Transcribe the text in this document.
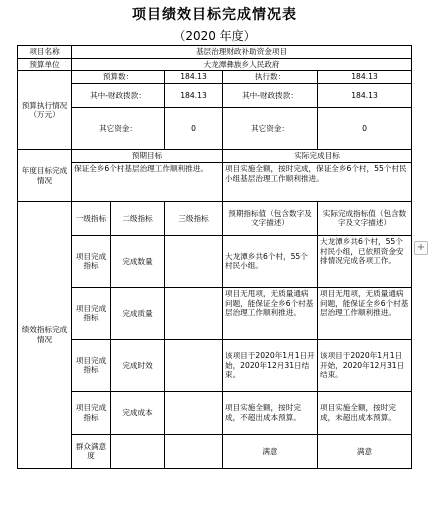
项目绩效目标完成情况表
（2020 年度）
项目名称	基层治理财政补助资金项目				
预算单位	大龙潭彝族乡人民政府				
预算执行情况（万元）	预算数：		184.13	执行数：	184.13
	其中-财政拨款：		184.13	其中-财政拨款：	184.13
	其它资金：		0	其它资金：	0
年度目标完成情况	预期目标			实际完成目标	
	保证全乡6个村基层治理工作顺利推进。			项目实施全额，按时完成，保证全乡6个村，55个村民小组基层治理工作顺利推进。	
绩效指标完成情况	一级指标	二级指标	三级指标	预期指标值（包含数字及文字描述）	实际完成指标值（包含数字及文字描述）
	项目完成指标	完成数量		大龙潭乡共6个村，55个村民小组。	大龙潭乡共6个村，55个村民小组，已依照资金安排情况完成各项工作。
	项目完成指标	完成质量		项目无甩项，无质量通病问题，能保证全乡6个村基层治理工作顺利推进。	项目无甩项，无质量通病问题，能保证全乡6个村基层治理工作顺利推进。
	项目完成指标	完成时效		该项目于2020年1月1日开始，2020年12月31日结束。	该项目于2020年1月1日开始，2020年12月31日结束。
	项目完成指标	完成成本		项目实施全额，按时完成，不超出成本预算。	项目实施全额，按时完成，未超出成本预算。
	群众满意度			满意	满意
+
